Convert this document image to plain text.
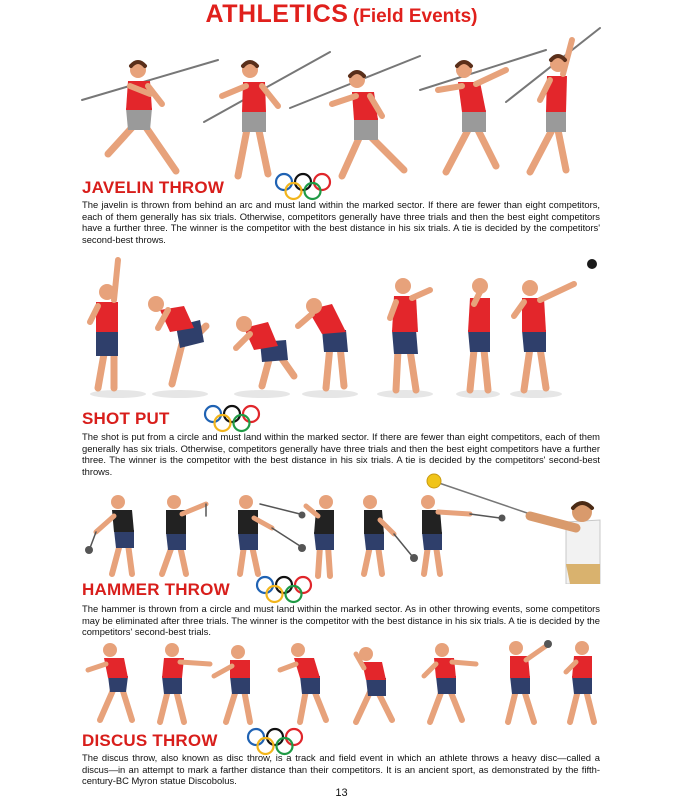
ATHLETICS (Field Events)
JAVELIN THROW

The javelin is thrown from behind an arc and must land within the marked sector. If there are fewer than eight competitors, each of them generally has six trials. Otherwise, competitors generally have three trials and then the best eight competitors have a further three. The winner is the competitor with the best distance in his six trials. A tie is decided by the competitors' second-best throws.

SHOT PUT

The shot is put from a circle and must land within the marked sector. If there are fewer than eight competitors, each of them generally has six trials. Otherwise, competitors generally have three trials and then the best eight competitors have a further three. The winner is the competitor with the best distance in his six trials. A tie is decided by the competitors' second-best throws.

HAMMER THROW

The hammer is thrown from a circle and must land within the marked sector. As in other throwing events, some competitors may be eliminated after three trials. The winner is the competitor with the best distance in his six trials. A tie is decided by the competitors' second-best trials.

DISCUS THROW

The discus throw, also known as disc throw, is a track and field event in which an athlete throws a heavy disc—called a discus—in an attempt to mark a farther distance than their competitors. It is an ancient sport, as demonstrated by the fifth-century-BC Myron statue Discobolus.

13
